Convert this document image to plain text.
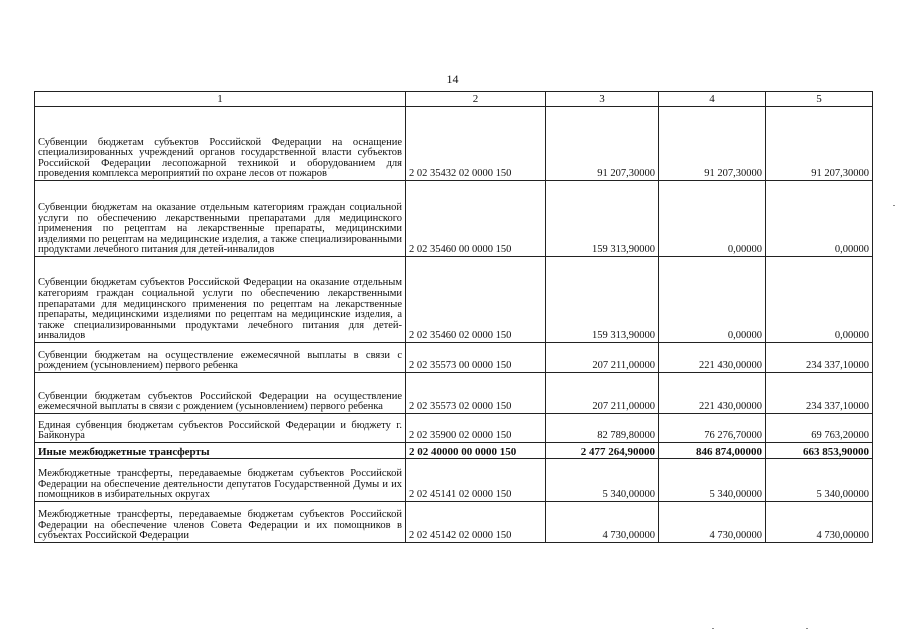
14
1	2	3	4	5
Субвенции бюджетам субъектов Российской Федерации на оснащение специализированных учреждений органов государственной власти субъектов Российской Федерации лесопожарной техникой и оборудованием для проведения комплекса мероприятий по охране лесов от пожаров	2 02 35432 02 0000 150	91 207,30000	91 207,30000	91 207,30000
Субвенции бюджетам на оказание отдельным категориям граждан социальной услуги по обеспечению лекарственными препаратами для медицинского применения по рецептам на лекарственные препараты, медицинскими изделиями по рецептам на медицинские изделия, а также специализированными продуктами лечебного питания для детей-инвалидов	2 02 35460 00 0000 150	159 313,90000	0,00000	0,00000
Субвенции бюджетам субъектов Российской Федерации на оказание отдельным категориям граждан социальной услуги по обеспечению лекарственными препаратами для медицинского применения по рецептам на лекарственные препараты, медицинскими изделиями по рецептам на медицинские изделия, а также специализированными продуктами лечебного питания для детей-инвалидов	2 02 35460 02 0000 150	159 313,90000	0,00000	0,00000
Субвенции бюджетам на осуществление ежемесячной выплаты в связи с рождением (усыновлением) первого ребенка	2 02 35573 00 0000 150	207 211,00000	221 430,00000	234 337,10000
Субвенции бюджетам субъектов Российской Федерации на осуществление ежемесячной выплаты в связи с рождением (усыновлением) первого ребенка	2 02 35573 02 0000 150	207 211,00000	221 430,00000	234 337,10000
Единая субвенция бюджетам субъектов Российской Федерации и бюджету г. Байконура	2 02 35900 02 0000 150	82 789,80000	76 276,70000	69 763,20000
Иные межбюджетные трансферты	2 02 40000 00 0000 150	2 477 264,90000	846 874,00000	663 853,90000
Межбюджетные трансферты, передаваемые бюджетам субъектов Российской Федерации на обеспечение деятельности депутатов Государственной Думы и их помощников в избирательных округах	2 02 45141 02 0000 150	5 340,00000	5 340,00000	5 340,00000
Межбюджетные трансферты, передаваемые бюджетам субъектов Российской Федерации на обеспечение членов Совета Федерации и их помощников в субъектах Российской Федерации	2 02 45142 02 0000 150	4 730,00000	4 730,00000	4 730,00000
